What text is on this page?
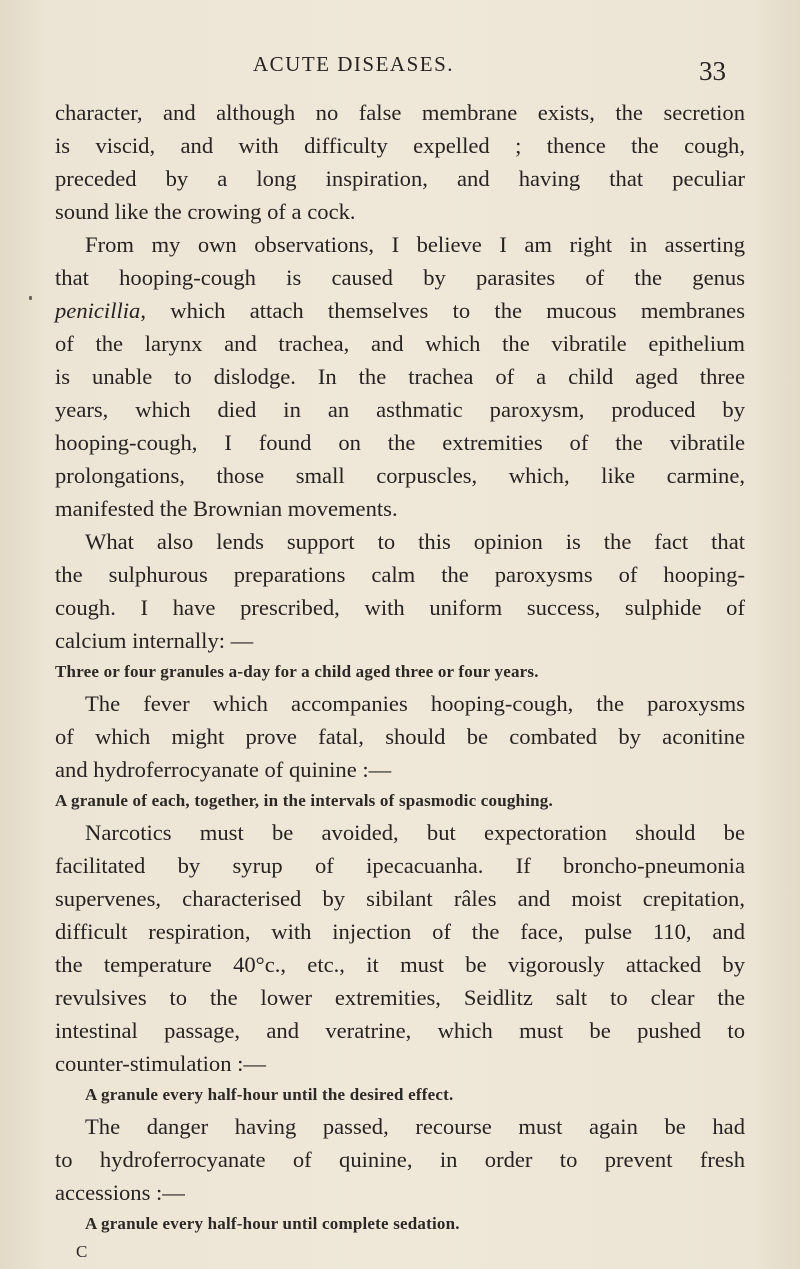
ACUTE DISEASES.	33
character, and although no false membrane exists, the secretion
is viscid, and with difficulty expelled ; thence the cough,
preceded by a long inspiration, and having that peculiar
sound like the crowing of a cock.
From my own observations, I believe I am right in asserting
that hooping-cough is caused by parasites of the genus
penicillia, which attach themselves to the mucous membranes
of the larynx and trachea, and which the vibratile epithelium
is unable to dislodge. In the trachea of a child aged three
years, which died in an asthmatic paroxysm, produced by
hooping-cough, I found on the extremities of the vibratile
prolongations, those small corpuscles, which, like carmine,
manifested the Brownian movements.
What also lends support to this opinion is the fact that
the sulphurous preparations calm the paroxysms of hooping-
cough. I have prescribed, with uniform success, sulphide of
calcium internally: —
Three or four granules a-day for a child aged three or four years.
The fever which accompanies hooping-cough, the paroxysms
of which might prove fatal, should be combated by aconitine
and hydroferrocyanate of quinine :—
A granule of each, together, in the intervals of spasmodic coughing.
Narcotics must be avoided, but expectoration should be
facilitated by syrup of ipecacuanha. If broncho-pneumonia
supervenes, characterised by sibilant râles and moist crepitation,
difficult respiration, with injection of the face, pulse 110, and
the temperature 40°c., etc., it must be vigorously attacked by
revulsives to the lower extremities, Seidlitz salt to clear the
intestinal passage, and veratrine, which must be pushed to
counter-stimulation :—
A granule every half-hour until the desired effect.
The danger having passed, recourse must again be had
to hydroferrocyanate of quinine, in order to prevent fresh
accessions :—
A granule every half-hour until complete sedation.
C
